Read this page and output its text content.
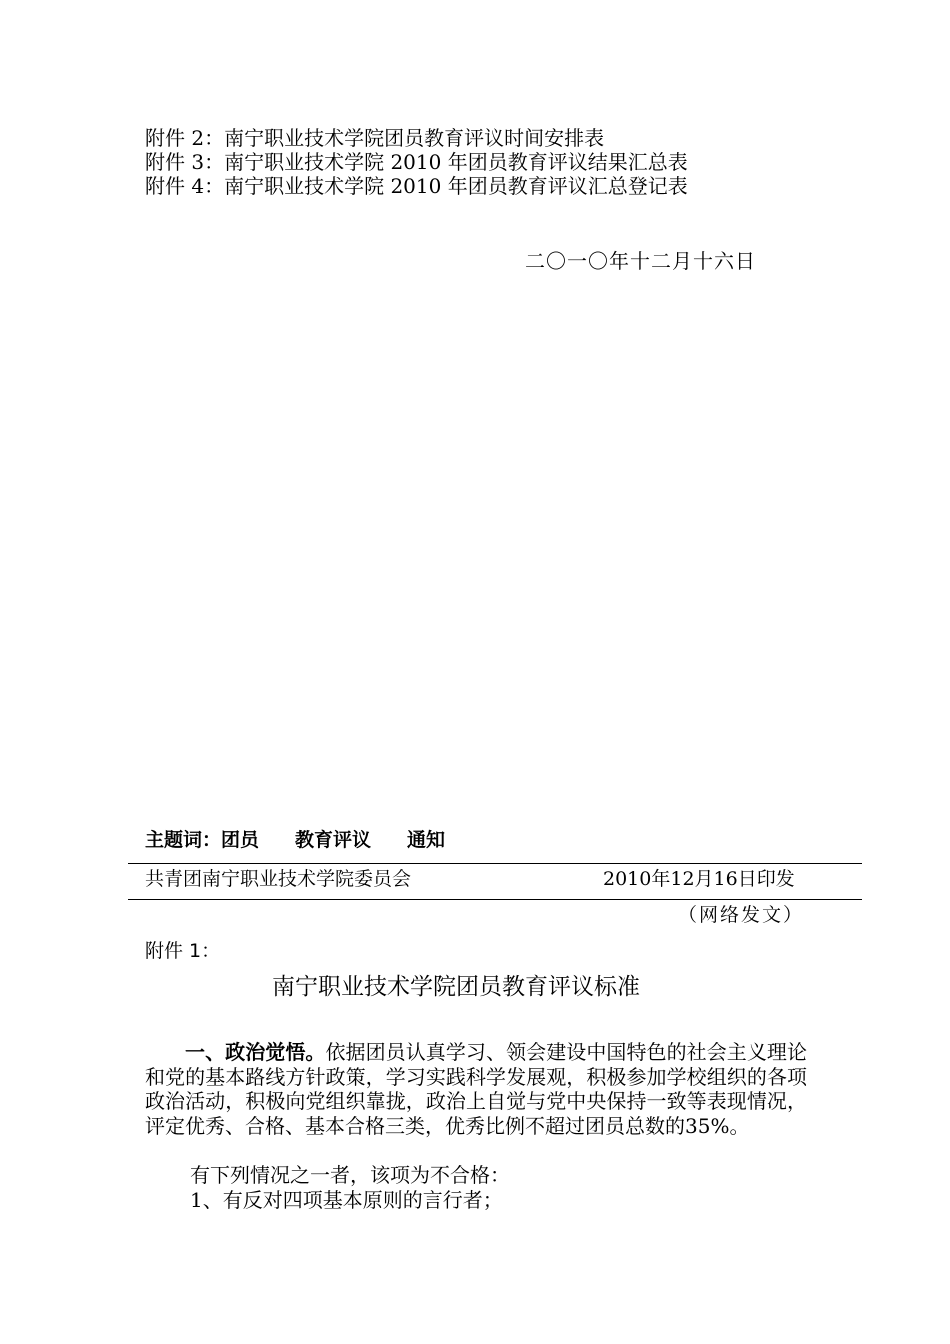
附件 2：南宁职业技术学院团员教育评议时间安排表
附件 3：南宁职业技术学院 2010 年团员教育评议结果汇总表
附件 4：南宁职业技术学院 2010 年团员教育评议汇总登记表
二〇一〇年十二月十六日
主题词：团员 教育评议 通知
共青团南宁职业技术学院委员会	2010年12月16日印发
（网络发文）
附件 1：
南宁职业技术学院团员教育评议标准
一、政治觉悟。依据团员认真学习、领会建设中国特色的社会主义理论和党的基本路线方针政策，学习实践科学发展观，积极参加学校组织的各项政治活动，积极向党组织靠拢，政治上自觉与党中央保持一致等表现情况，评定优秀、合格、基本合格三类，优秀比例不超过团员总数的35%。
有下列情况之一者，该项为不合格：
1、有反对四项基本原则的言行者；
